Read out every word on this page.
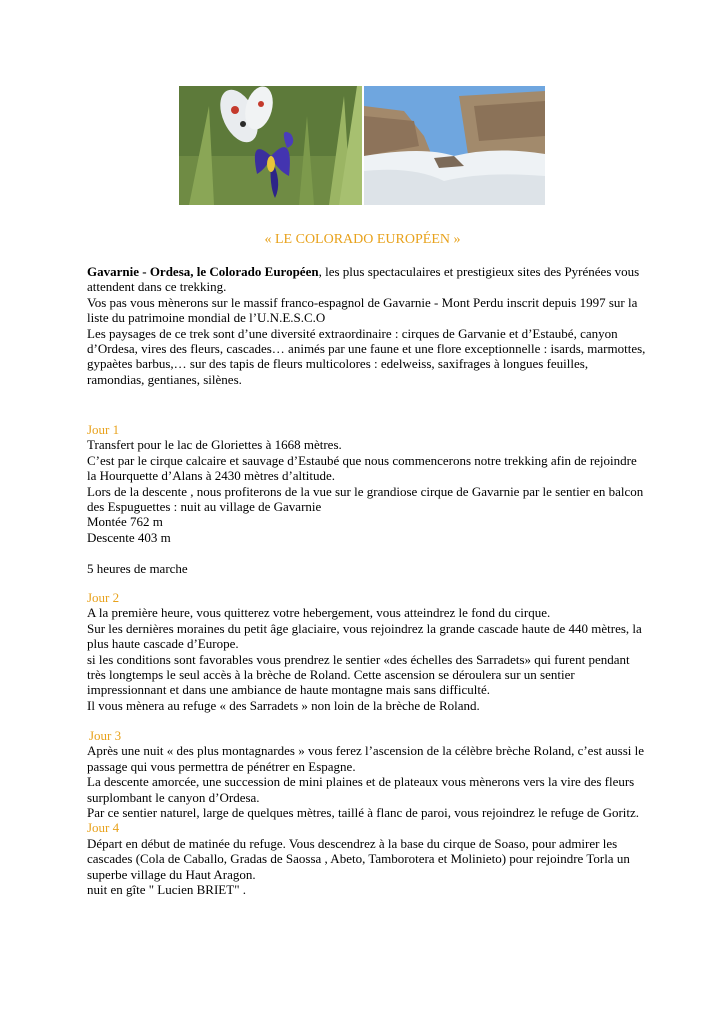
« LE COLORADO EUROPÉEN »

Gavarnie - Ordesa, le Colorado Européen, les plus spectaculaires et prestigieux sites des Pyrénées vous attendent dans ce trekking.

Vos pas vous mènerons sur le massif franco-espagnol de Gavarnie - Mont Perdu inscrit depuis 1997 sur la liste du patrimoine mondial de l’U.N.E.S.C.O

Les paysages de ce trek sont d’une diversité extraordinaire : cirques de Garvanie et d’Estaubé, canyon d’Ordesa, vires des fleurs, cascades… animés par une faune et une flore exceptionnelle : isards, marmottes, gypaètes barbus,… sur des tapis de fleurs multicolores : edelweiss, saxifrages à longues feuilles, ramondias, gentianes, silènes.

Jour 1

Transfert pour le lac de Gloriettes à 1668 mètres.

C’est par le cirque calcaire et sauvage d’Estaubé que nous commencerons notre trekking afin de rejoindre la Hourquette d’Alans à 2430 mètres d’altitude.

Lors de la descente , nous profiterons de la vue sur le grandiose cirque de Gavarnie par le sentier en balcon des Espuguettes : nuit au village de Gavarnie

Montée 762 m

Descente 403 m

5 heures de marche

Jour 2

A la première heure, vous quitterez votre hebergement, vous atteindrez le fond du cirque.

Sur les dernières moraines du petit âge glaciaire, vous rejoindrez la grande cascade haute de 440 mètres, la plus haute cascade d’Europe.

si les conditions sont favorables vous prendrez le sentier «des échelles des Sarradets» qui furent pendant très longtemps le seul accès à la brèche de Roland. Cette ascension se déroulera sur un sentier impressionnant et dans une ambiance de haute montagne mais sans difficulté.

Il vous mènera au refuge « des Sarradets » non loin de la brèche de Roland.

Jour 3

Après une nuit « des plus montagnardes » vous ferez l’ascension de la célèbre brèche Roland, c’est aussi le passage qui vous permettra de pénétrer en Espagne.

La descente amorcée, une succession de mini plaines et de plateaux vous mènerons vers la vire des fleurs surplombant le canyon d’Ordesa.

Par ce sentier naturel, large de quelques mètres, taillé à flanc de paroi, vous rejoindrez le refuge de Goritz.

Jour 4

Départ en début de matinée du refuge. Vous descendrez à la base du cirque de Soaso, pour admirer les cascades (Cola de Caballo, Gradas de Saossa , Abeto, Tamborotera et Molinieto) pour rejoindre Torla un superbe village du Haut Aragon.

nuit en gîte " Lucien BRIET" .
